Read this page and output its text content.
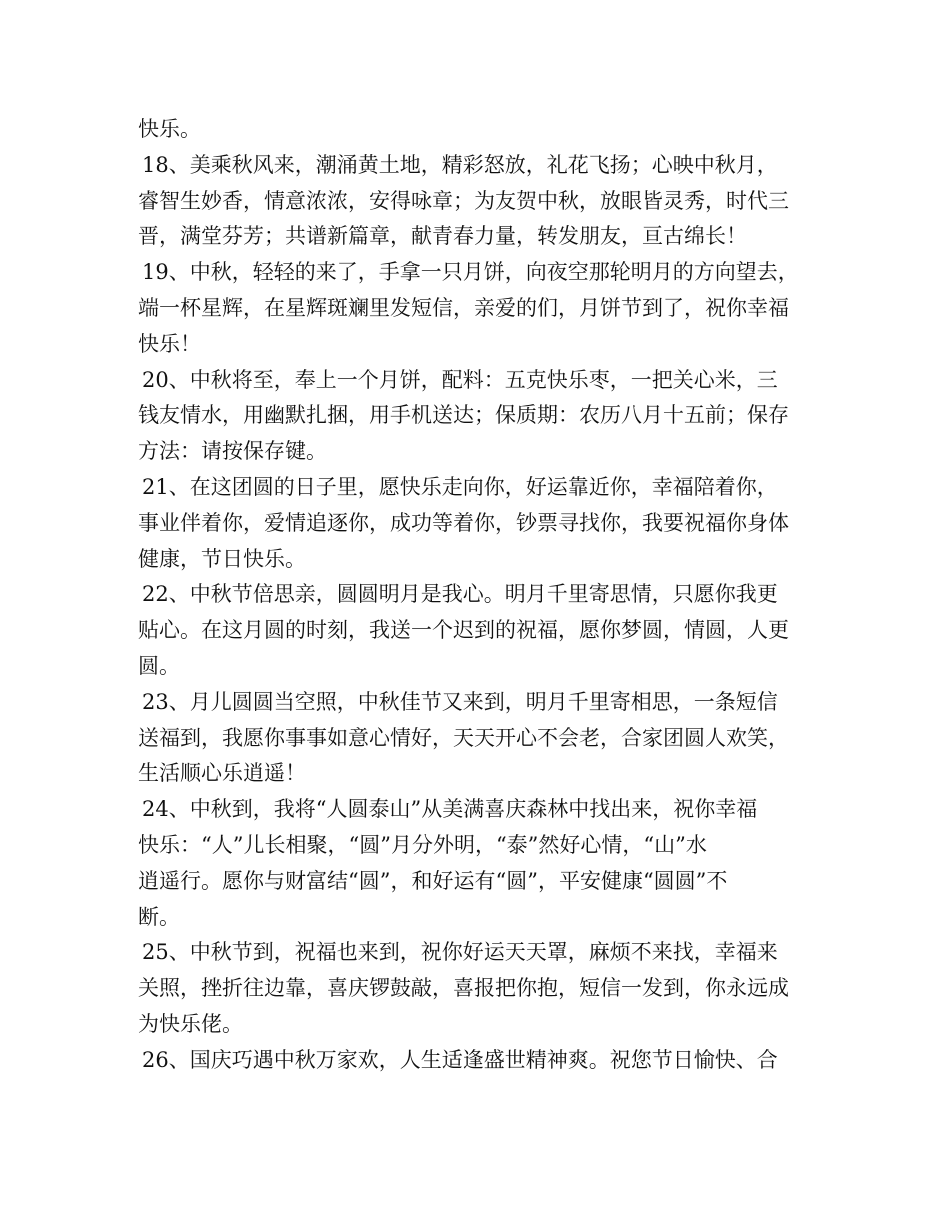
快乐。
18、美乘秋风来，潮涌黄土地，精彩怒放，礼花飞扬；心映中秋月，
睿智生妙香，情意浓浓，安得咏章；为友贺中秋，放眼皆灵秀，时代三
晋，满堂芬芳；共谱新篇章，献青春力量，转发朋友，亘古绵长！
19、中秋，轻轻的来了，手拿一只月饼，向夜空那轮明月的方向望去，
端一杯星辉，在星辉斑斓里发短信，亲爱的们，月饼节到了，祝你幸福
快乐！
20、中秋将至，奉上一个月饼，配料：五克快乐枣，一把关心米，三
钱友情水，用幽默扎捆，用手机送达；保质期：农历八月十五前；保存
方法：请按保存键。
21、在这团圆的日子里，愿快乐走向你，好运靠近你，幸福陪着你，
事业伴着你，爱情追逐你，成功等着你，钞票寻找你，我要祝福你身体
健康，节日快乐。
22、中秋节倍思亲，圆圆明月是我心。明月千里寄思情，只愿你我更
贴心。在这月圆的时刻，我送一个迟到的祝福，愿你梦圆，情圆，人更
圆。
23、月儿圆圆当空照，中秋佳节又来到，明月千里寄相思，一条短信
送福到，我愿你事事如意心情好，天天开心不会老，合家团圆人欢笑，
生活顺心乐逍遥！
24、中秋到，我将“人圆泰山”从美满喜庆森林中找出来，祝你幸福
快乐：“人”儿长相聚，“圆”月分外明，“泰”然好心情，“山”水
逍遥行。愿你与财富结“圆”，和好运有“圆”，平安健康“圆圆”不
断。
25、中秋节到，祝福也来到，祝你好运天天罩，麻烦不来找，幸福来
关照，挫折往边靠，喜庆锣鼓敲，喜报把你抱，短信一发到，你永远成
为快乐佬。
26、国庆巧遇中秋万家欢，人生适逢盛世精神爽。祝您节日愉快、合
